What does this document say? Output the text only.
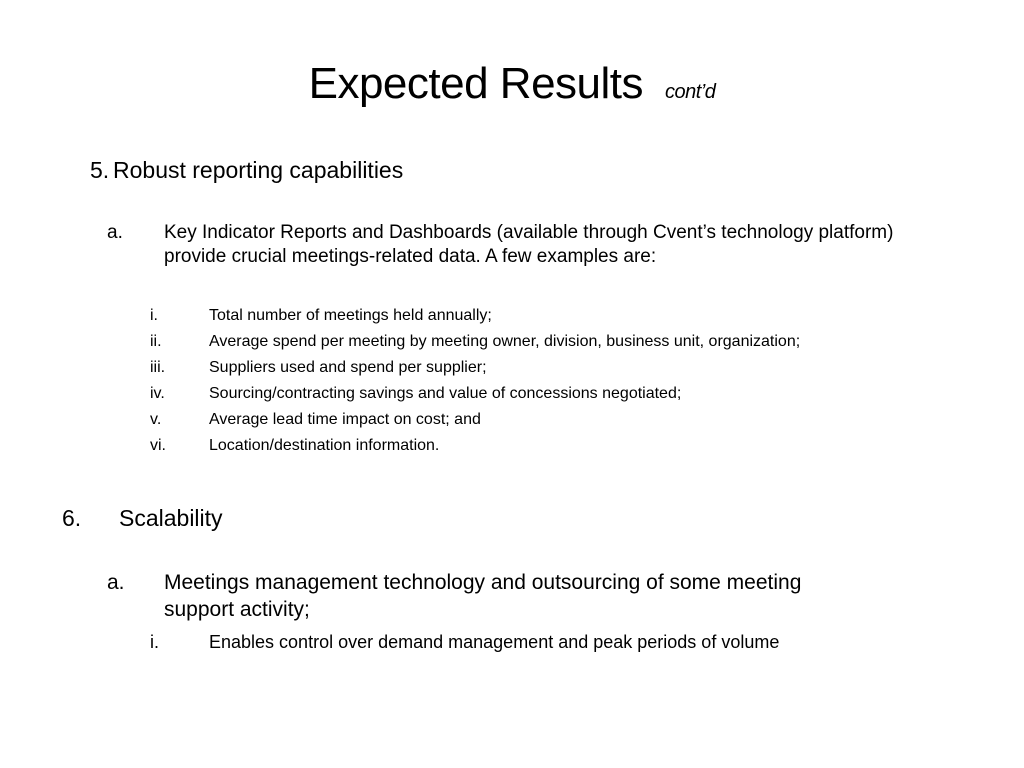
Expected Results cont’d
5. Robust reporting capabilities
a. Key Indicator Reports and Dashboards (available through Cvent’s technology platform)
provide crucial meetings-related data. A few examples are:
i.	Total number of meetings held annually;
ii.	Average spend per meeting by meeting owner, division, business unit, organization;
iii.	Suppliers used and spend per supplier;
iv.	Sourcing/contracting savings and value of concessions negotiated;
v.	Average lead time impact on cost; and
vi.	Location/destination information.
6. Scalability
a. Meetings management technology and outsourcing of some meeting
support activity;
i.	Enables control over demand management and peak periods of volume
